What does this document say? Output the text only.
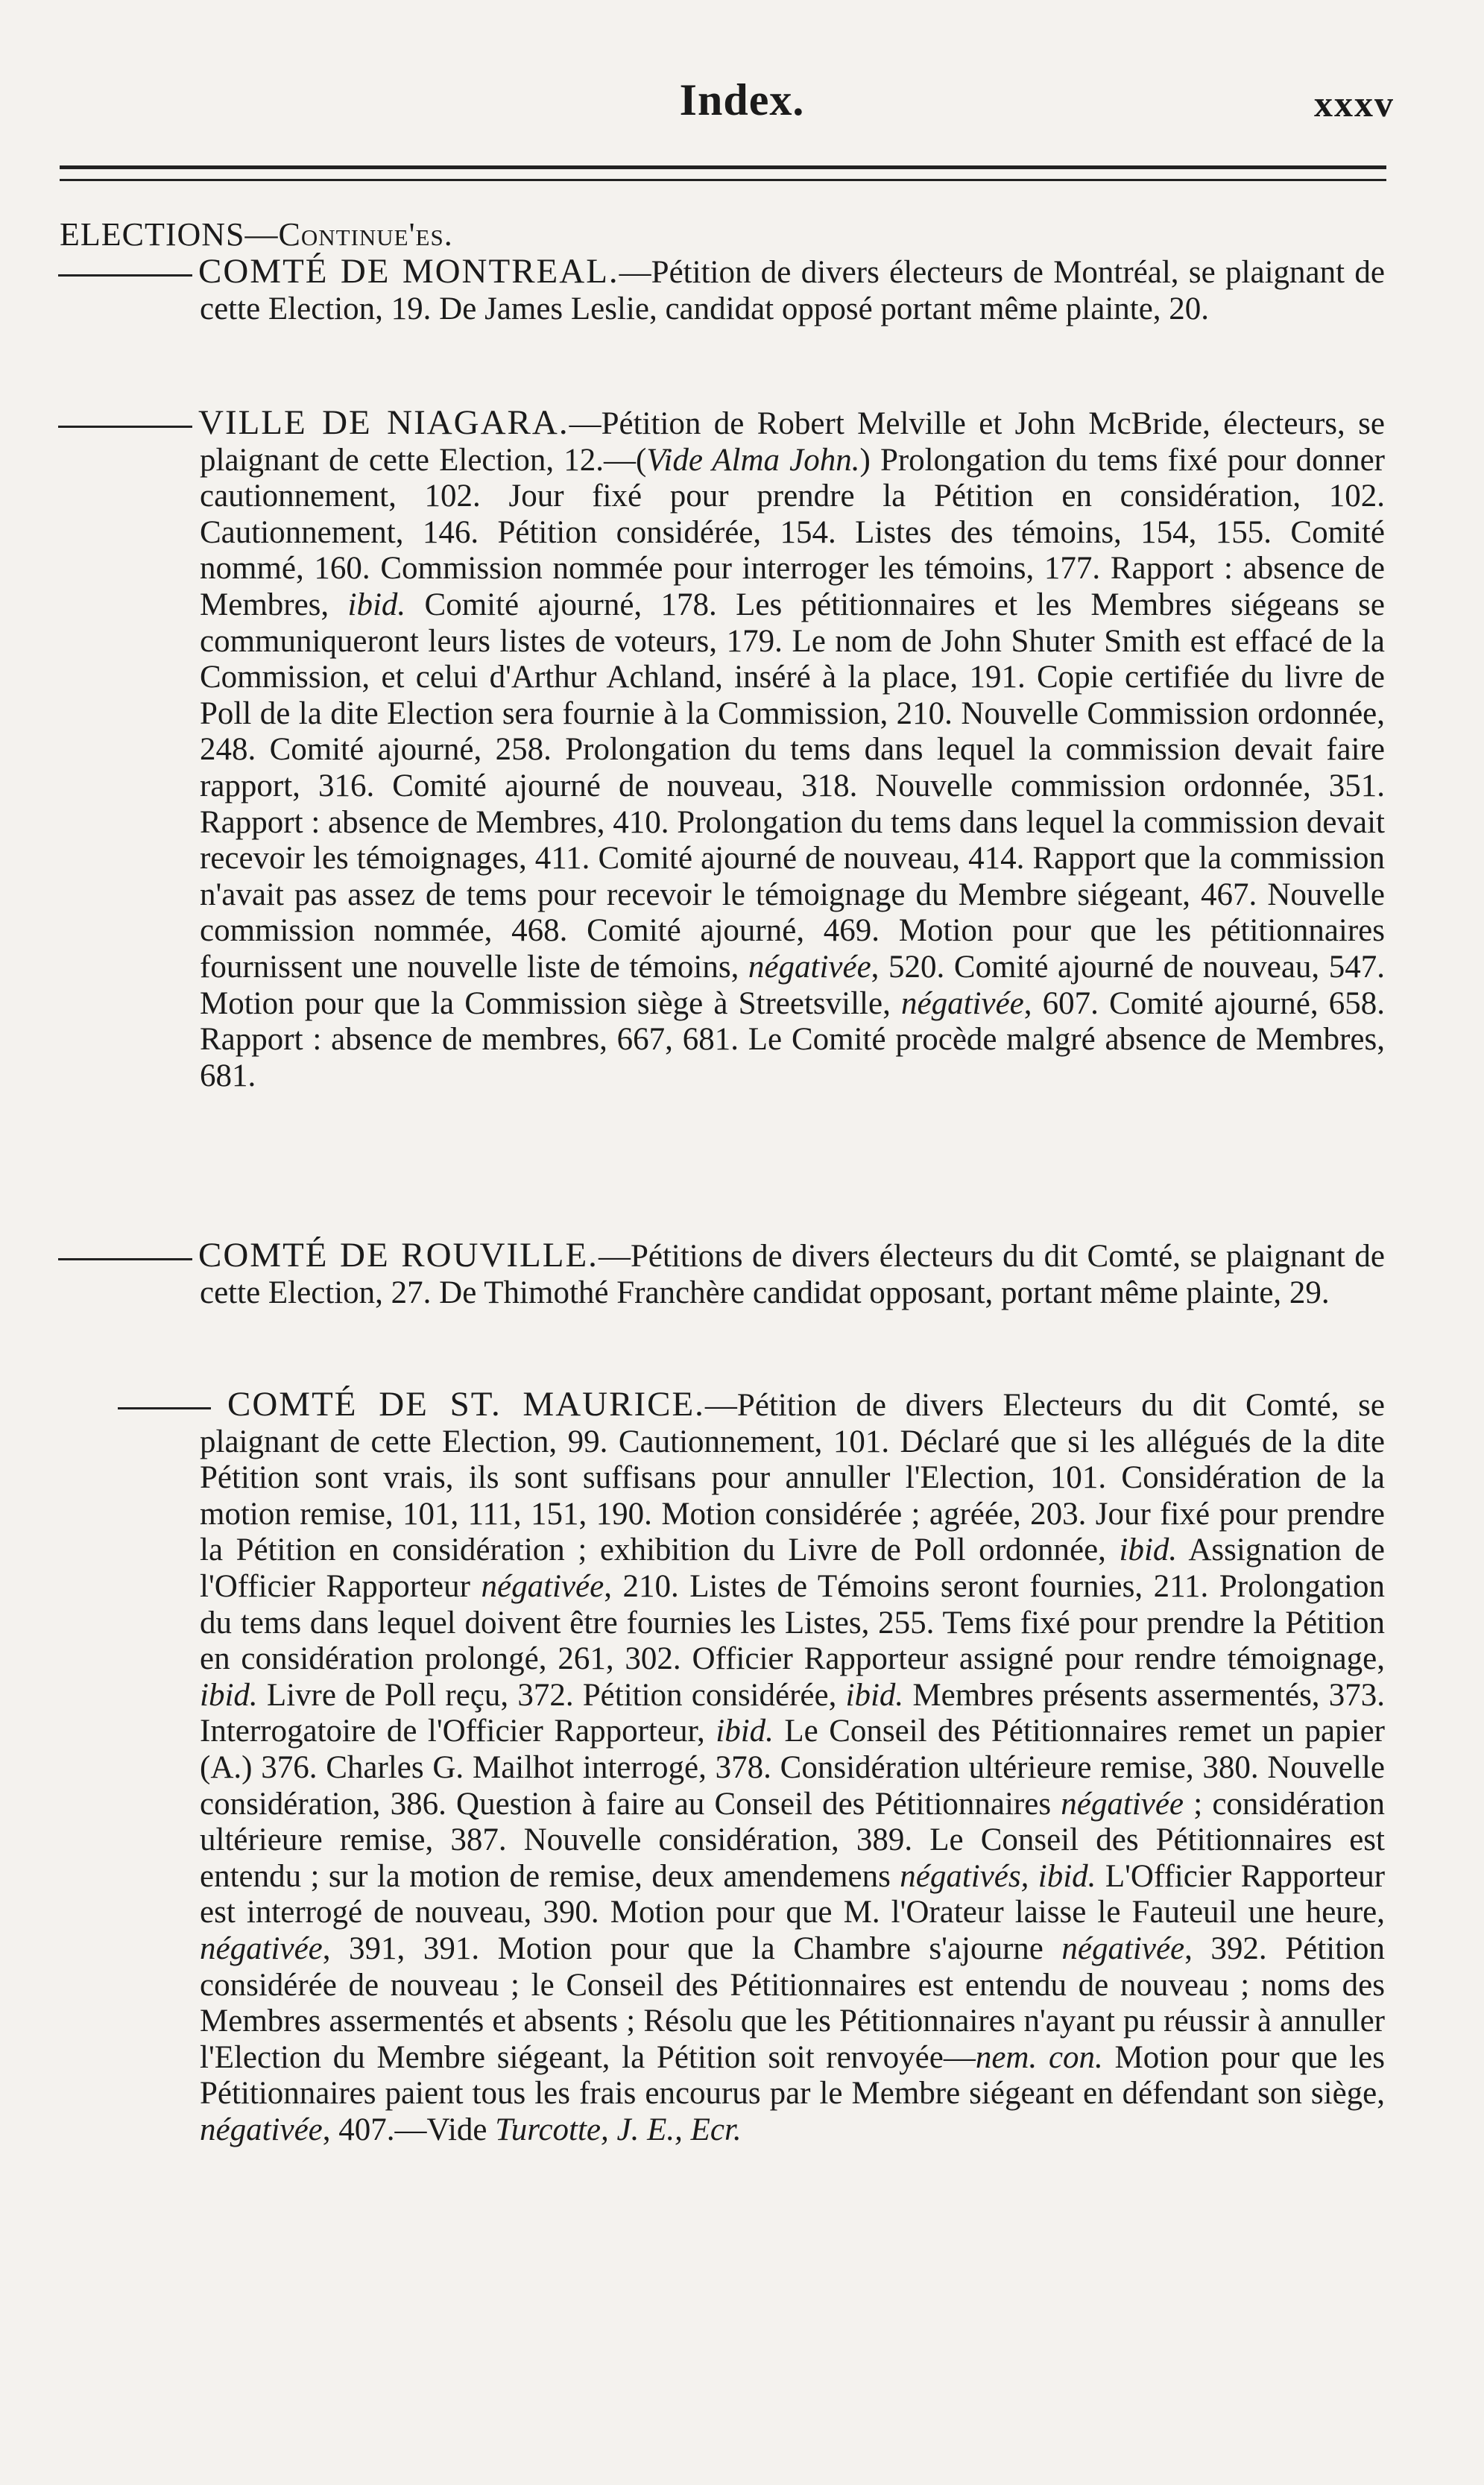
Index.	xxxv
ELECTIONS—Continue'es.
COMTÉ DE MONTREAL.—Pétition de divers électeurs de Montréal, se plaignant de cette Election, 19. De James Leslie, candidat opposé portant même plainte, 20.
VILLE DE NIAGARA.—Pétition de Robert Melville et John McBride, électeurs, se plaignant de cette Election, 12.—(Vide Alma John.) Prolongation du tems fixé pour donner cautionnement, 102. Jour fixé pour prendre la Pétition en considération, 102. Cautionnement, 146. Pétition considérée, 154. Listes des témoins, 154, 155. Comité nommé, 160. Commission nommée pour interroger les témoins, 177. Rapport : absence de Membres, ibid. Comité ajourné, 178. Les pétitionnaires et les Membres siégeans se communiqueront leurs listes de voteurs, 179. Le nom de John Shuter Smith est effacé de la Commission, et celui d'Arthur Achland, inséré à la place, 191. Copie certifiée du livre de Poll de la dite Election sera fournie à la Commission, 210. Nouvelle Commission ordonnée, 248. Comité ajourné, 258. Prolongation du tems dans lequel la commission devait faire rapport, 316. Comité ajourné de nouveau, 318. Nouvelle commission ordonnée, 351. Rapport : absence de Membres, 410. Prolongation du tems dans lequel la commission devait recevoir les témoignages, 411. Comité ajourné de nouveau, 414. Rapport que la commission n'avait pas assez de tems pour recevoir le témoignage du Membre siégeant, 467. Nouvelle commission nommée, 468. Comité ajourné, 469. Motion pour que les pétitionnaires fournissent une nouvelle liste de témoins, négativée, 520. Comité ajourné de nouveau, 547. Motion pour que la Commission siège à Streetsville, négativée, 607. Comité ajourné, 658. Rapport : absence de membres, 667, 681. Le Comité procède malgré absence de Membres, 681.
COMTÉ DE ROUVILLE.—Pétitions de divers électeurs du dit Comté, se plaignant de cette Election, 27. De Thimothé Franchère candidat opposant, portant même plainte, 29.
COMTÉ DE ST. MAURICE.—Pétition de divers Electeurs du dit Comté, se plaignant de cette Election, 99. Cautionnement, 101. Déclaré que si les allégués de la dite Pétition sont vrais, ils sont suffisans pour annuller l'Election, 101. Considération de la motion remise, 101, 111, 151, 190. Motion considérée ; agréée, 203. Jour fixé pour prendre la Pétition en considération ; exhibition du Livre de Poll ordonnée, ibid. Assignation de l'Officier Rapporteur négativée, 210. Listes de Témoins seront fournies, 211. Prolongation du tems dans lequel doivent être fournies les Listes, 255. Tems fixé pour prendre la Pétition en considération prolongé, 261, 302. Officier Rapporteur assigné pour rendre témoignage, ibid. Livre de Poll reçu, 372. Pétition considérée, ibid. Membres présents assermentés, 373. Interrogatoire de l'Officier Rapporteur, ibid. Le Conseil des Pétitionnaires remet un papier (A.) 376. Charles G. Mailhot interrogé, 378. Considération ultérieure remise, 380. Nouvelle considération, 386. Question à faire au Conseil des Pétitionnaires négativée ; considération ultérieure remise, 387. Nouvelle considération, 389. Le Conseil des Pétitionnaires est entendu ; sur la motion de remise, deux amendemens négativés, ibid. L'Officier Rapporteur est interrogé de nouveau, 390. Motion pour que M. l'Orateur laisse le Fauteuil une heure, négativée, 391, 391. Motion pour que la Chambre s'ajourne négativée, 392. Pétition considérée de nouveau ; le Conseil des Pétitionnaires est entendu de nouveau ; noms des Membres assermentés et absents ; Résolu que les Pétitionnaires n'ayant pu réussir à annuller l'Election du Membre siégeant, la Pétition soit renvoyée—nem. con. Motion pour que les Pétitionnaires paient tous les frais encourus par le Membre siégeant en défendant son siège, négativée, 407.—Vide Turcotte, J. E., Ecr.
